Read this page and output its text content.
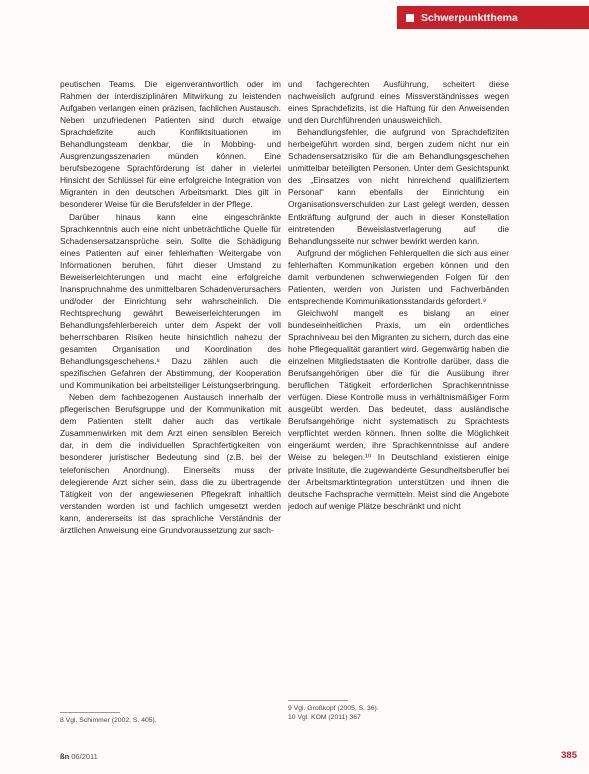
Schwerpunktthema

peutischen Teams. Die eigenverantwortlich oder im Rahmen der interdisziplinären Mitwirkung zu leistenden Aufgaben verlangen einen präzisen, fachlichen Austausch. Neben unzufriedenen Patienten sind durch etwaige Sprachdefizite auch Konfliktsituationen im Behandlungsteam denkbar, die in Mobbing- und Ausgrenzungsszenarien münden können. Eine berufsbezogene Sprachförderung ist daher in vielerlei Hinsicht der Schlüssel für eine erfolgreiche Integration von Migranten in den deutschen Arbeitsmarkt. Dies gilt in besonderer Weise für die Berufsfelder in der Pflege.

Darüber hinaus kann eine eingeschränkte Sprachkenntnis auch eine nicht unbeträchtliche Quelle für Schadensersatzansprüche sein. Sollte die Schädigung eines Patienten auf einer fehlerhaften Weitergabe von Informationen beruhen, führt dieser Umstand zu Beweiserleichterungen und macht eine erfolgreiche Inanspruchnahme des unmittelbaren Schadenverursachers und/oder der Einrichtung sehr wahrscheinlich. Die Rechtsprechung gewährt Beweiserleichterungen im Behandlungsfehlerbereich unter dem Aspekt der voll beherrschbaren Risiken heute hinsichtlich nahezu der gesamten Organisation und Koordination des Behandlungsgeschehens.⁸ Dazu zählen auch die spezifischen Gefahren der Abstimmung, der Kooperation und Kommunikation bei arbeitsteiliger Leistungserbringung.

Neben dem fachbezogenen Austausch innerhalb der pflegerischen Berufsgruppe und der Kommunikation mit dem Patienten stellt daher auch das vertikale Zusammenwirken mit dem Arzt einen sensiblen Bereich dar, in dem die individuellen Sprachfertigkeiten von besonderer juristischer Bedeutung sind (z.B. bei der telefonischen Anordnung). Einerseits muss der delegierende Arzt sicher sein, dass die zu übertragende Tätigkeit von der angewiesenen Pflegekraft inhaltlich verstanden worden ist und fachlich umgesetzt werden kann, andererseits ist das sprachliche Verständnis der ärztlichen Anweisung eine Grundvoraussetzung zur sach-

und fachgerechten Ausführung, scheitert diese nachweislich aufgrund eines Missverständnisses wegen eines Sprachdefizits, ist die Haftung für den Anweisenden und den Durchführenden unausweichlich.

Behandlungsfehler, die aufgrund von Sprachdefiziten herbeigeführt worden sind, bergen zudem nicht nur ein Schadensersatzrisiko für die am Behandlungsgeschehen unmittelbar beteiligten Personen. Unter dem Gesichtspunkt des „Einsatzes von nicht hinreichend qualifiziertem Personal“ kann ebenfalls der Einrichtung ein Organisationsverschulden zur Last gelegt werden, dessen Entkräftung aufgrund der auch in dieser Konstellation eintretenden Beweislastverlagerung auf die Behandlungsseite nur schwer bewirkt werden kann.

Aufgrund der möglichen Fehlerquellen die sich aus einer fehlerhaften Kommunikation ergeben können und den damit verbundenen schwerwiegenden Folgen für den Patienten, werden von Juristen und Fachverbänden entsprechende Kommunikationsstandards gefordert.⁹

Gleichwohl mangelt es bislang an einer bundeseinheitlichen Praxis, um ein ordentliches Sprachniveau bei den Migranten zu sichern, durch das eine hohe Pflegequalität garantiert wird. Gegenwärtig haben die einzelnen Mitgliedstaaten die Kontrolle darüber, dass die Berufsangehörigen über die für die Ausübung ihrer beruflichen Tätigkeit erforderlichen Sprachkenntnisse verfügen. Diese Kontrolle muss in verhältnismäßiger Form ausgeübt werden. Das bedeutet, dass ausländische Berufsangehörige nicht systematisch zu Sprachtests verpflichtet werden können. Ihnen sollte die Möglichkeit eingeräumt werden, ihre Sprachkenntnisse auf andere Weise zu belegen.¹⁰ In Deutschland existieren einige private Institute, die zugewanderte Gesundheitsberufler bei der Arbeitsmarktintegration unterstützen und ihnen die deutsche Fachsprache vermitteln. Meist sind die Angebote jedoch auf wenige Plätze beschränkt und nicht

8 Vgl. Schimmer (2002, S. 405).
9 Vgl. Großkopf (2005, S. 36).
10 Vgl. KOM (2011) 367
ßn 06/2011	385
